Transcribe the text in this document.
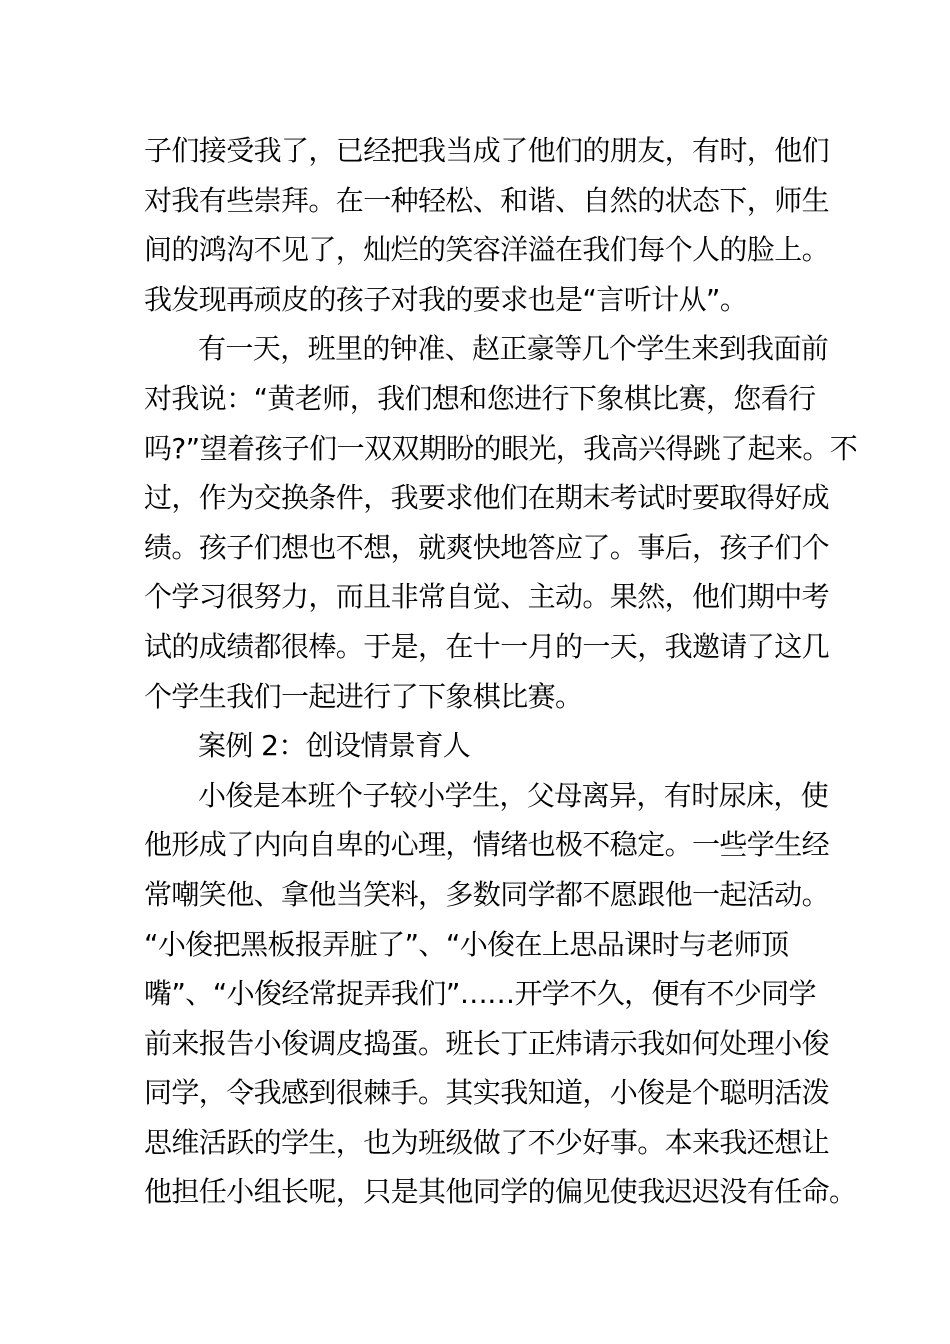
子们接受我了，已经把我当成了他们的朋友，有时，他们
对我有些崇拜。在一种轻松、和谐、自然的状态下，师生
间的鸿沟不见了，灿烂的笑容洋溢在我们每个人的脸上。
我发现再顽皮的孩子对我的要求也是“言听计从”。
有一天，班里的钟准、赵正豪等几个学生来到我面前
对我说：“黄老师，我们想和您进行下象棋比赛，您看行
吗?”望着孩子们一双双期盼的眼光，我高兴得跳了起来。不
过，作为交换条件，我要求他们在期末考试时要取得好成
绩。孩子们想也不想，就爽快地答应了。事后，孩子们个
个学习很努力，而且非常自觉、主动。果然，他们期中考
试的成绩都很棒。于是，在十一月的一天，我邀请了这几
个学生我们一起进行了下象棋比赛。
案例 2：创设情景育人
小俊是本班个子较小学生，父母离异，有时尿床，使
他形成了内向自卑的心理，情绪也极不稳定。一些学生经
常嘲笑他、拿他当笑料，多数同学都不愿跟他一起活动。
“小俊把黑板报弄脏了”、“小俊在上思品课时与老师顶
嘴”、“小俊经常捉弄我们”……开学不久，便有不少同学
前来报告小俊调皮捣蛋。班长丁正炜请示我如何处理小俊
同学，令我感到很棘手。其实我知道，小俊是个聪明活泼
思维活跃的学生，也为班级做了不少好事。本来我还想让
他担任小组长呢，只是其他同学的偏见使我迟迟没有任命。
